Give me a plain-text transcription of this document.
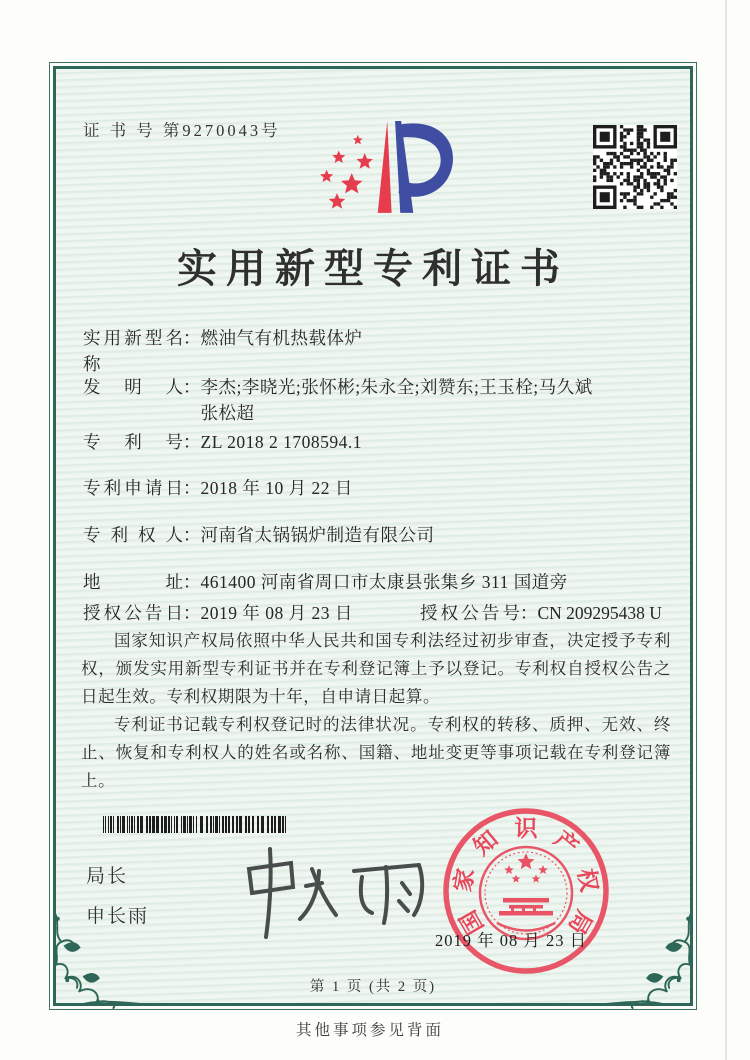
证 书 号 第9270043号
实用新型专利证书
实用新型名称
： 燃油气有机热载体炉
发明人 ： 李杰;李晓光;张怀彬;朱永全;刘赞东;王玉栓;马久斌
张松超
专利号 ： ZL 2018 2 1708594.1
专利申请日 ： 2018 年 10 月 22 日
专利权人 ： 河南省太锅锅炉制造有限公司
地址 ： 461400 河南省周口市太康县张集乡 311 国道旁
授权公告日 ： 2019 年 08 月 23 日	授权公告号 ： CN 209295438 U

国家知识产权局依照中华人民共和国专利法经过初步审查，决定授予专利权，颁发实用新型专利证书并在专利登记簿上予以登记。专利权自授权公告之日起生效。专利权期限为十年，自申请日起算。

专利证书记载专利权登记时的法律状况。专利权的转移、质押、无效、终止、恢复和专利权人的姓名或名称、国籍、地址变更等事项记载在专利登记簿上。

局长
申长雨	国
家
知 识 产
权
局
2019 年 08 月 23 日
第 1 页 (共 2 页)
其他事项参见背面
